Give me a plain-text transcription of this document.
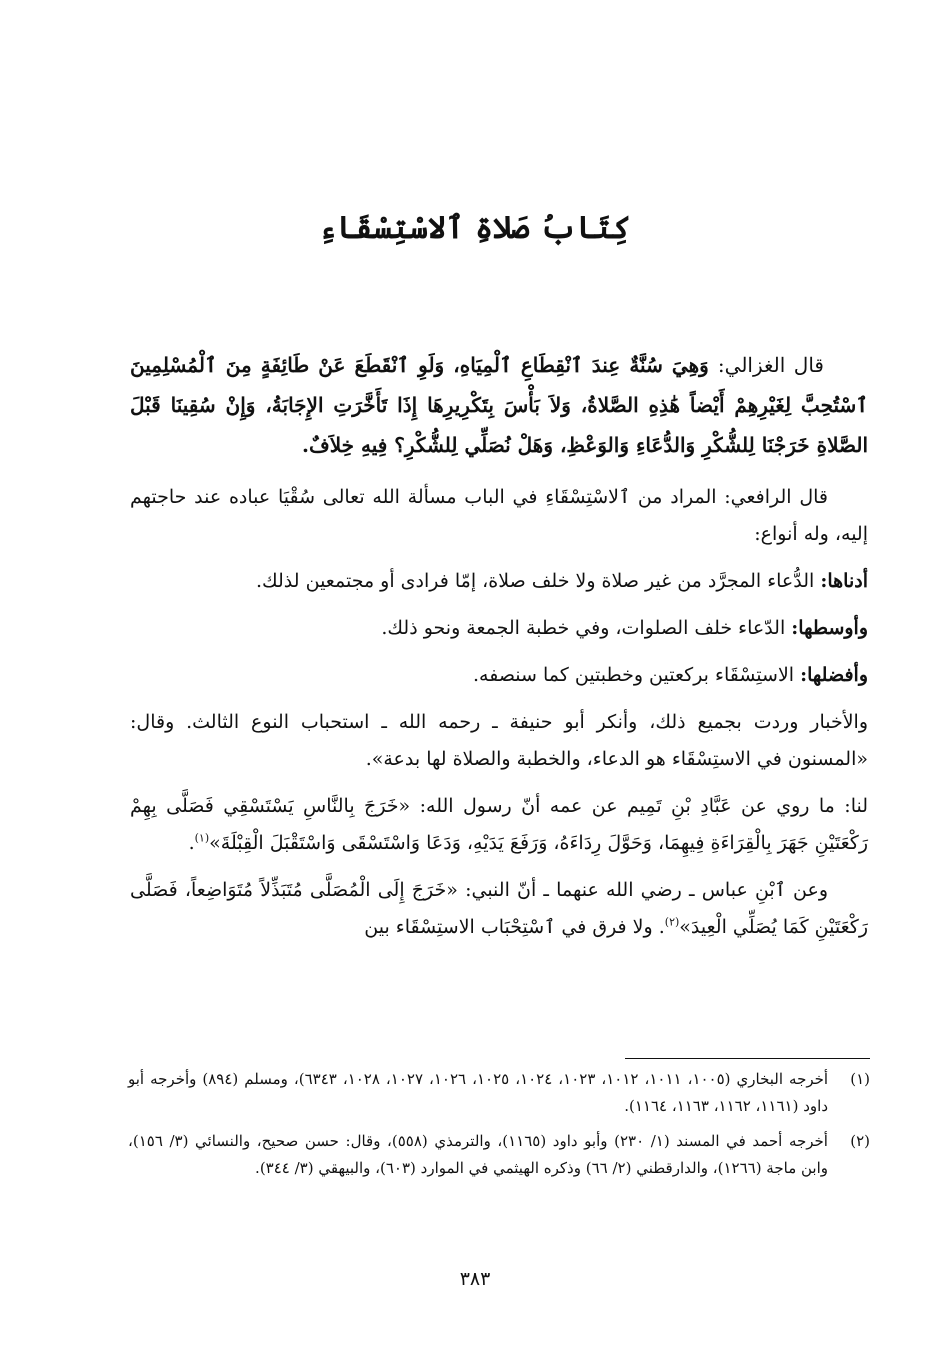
كِتَابُ صَلاةِ ٱلاسْتِسْقَاءِ

قال الغزالي: وَهِيَ سُنَّةٌ عِندَ ٱنْقِطَاعِ ٱلْمِيَاهِ، وَلَوِ ٱنْقَطَعَ عَنْ طَائِفَةٍ مِنَ ٱلْمُسْلِمِينَ ٱسْتُحِبَّ لِغَيْرِهِمْ أَيْضاً هَٰذِهِ الصَّلاةُ، وَلاَ بَأْسَ بِتَكْرِيرِهَا إِذَا تَأَخَّرَتِ الإِجَابَةُ، وَإِنْ سُقِينَا قَبْلَ الصَّلاةِ خَرَجْنَا لِلشُّكْرِ وَالدُّعَاءِ وَالوَعْظِ، وَهَلْ نُصَلِّي لِلشُّكْرِ؟ فِيهِ خِلاَفٌ.

قال الرافعي: المراد من ٱلاسْتِسْقَاءِ في الباب مسألة الله تعالى سُقْيَا عباده عند حاجتهم إليه، وله أنواع:

أدناها: الدُّعاء المجرَّد من غير صلاة ولا خلف صلاة، إمّا فرادى أو مجتمعين لذلك.

وأوسطها: الدّعاء خلف الصلوات، وفي خطبة الجمعة ونحو ذلك.

وأفضلها: الاستِسْقَاء بركعتين وخطبتين كما سنصفه.

والأخبار وردت بجميع ذلك، وأنكر أبو حنيفة ـ رحمه الله ـ استحباب النوع الثالث. وقال: «المسنون في الاستِسْقَاء هو الدعاء، والخطبة والصلاة لها بدعة».

لنا: ما روي عن عَبَّادِ بْنِ تَمِيم عن عمه أنّ رسول الله: «خَرَجَ بِالنَّاسِ يَسْتَسْقِي فَصَلَّى بِهِمْ رَكْعَتَيْنِ جَهَرَ بِالْقِرَاءَةِ فِيهِمَا، وَحَوَّلَ رِدَاءَهُ، وَرَفَعَ يَدَيْهِ، وَدَعَا وَاسْتَسْقَى وَاسْتَقْبَلَ الْقِبْلَةَ»$^{(١)}$.

وعن ٱبْنِ عباس ـ رضي الله عنهما ـ أنّ النبي: «خَرَجَ إِلَى الْمُصَلَّى مُتَبَذِّلاً مُتَوَاضِعاً، فَصَلَّى رَكْعَتَيْنِ كَمَا يُصَلِّي الْعِيدَ»$^{(٢)}$. ولا فرق في ٱسْتِحْبَاب الاستِسْقَاء بين

(١)
أخرجه البخاري (١٠٠٥، ١٠١١، ١٠١٢، ١٠٢٣، ١٠٢٤، ١٠٢٥، ١٠٢٦، ١٠٢٧، ١٠٢٨، ٦٣٤٣)، ومسلم (٨٩٤) وأخرجه أبو داود (١١٦١، ١١٦٢، ١١٦٣، ١١٦٤).
(٢)
أخرجه أحمد في المسند (١/ ٢٣٠) وأبو داود (١١٦٥)، والترمذي (٥٥٨)، وقال: حسن صحيح، والنسائي (٣/ ١٥٦)، وابن ماجة (١٢٦٦)، والدارقطني (٢/ ٦٦) وذكره الهيثمي في الموارد (٦٠٣)، والبيهقي (٣/ ٣٤٤).
٣٨٣
